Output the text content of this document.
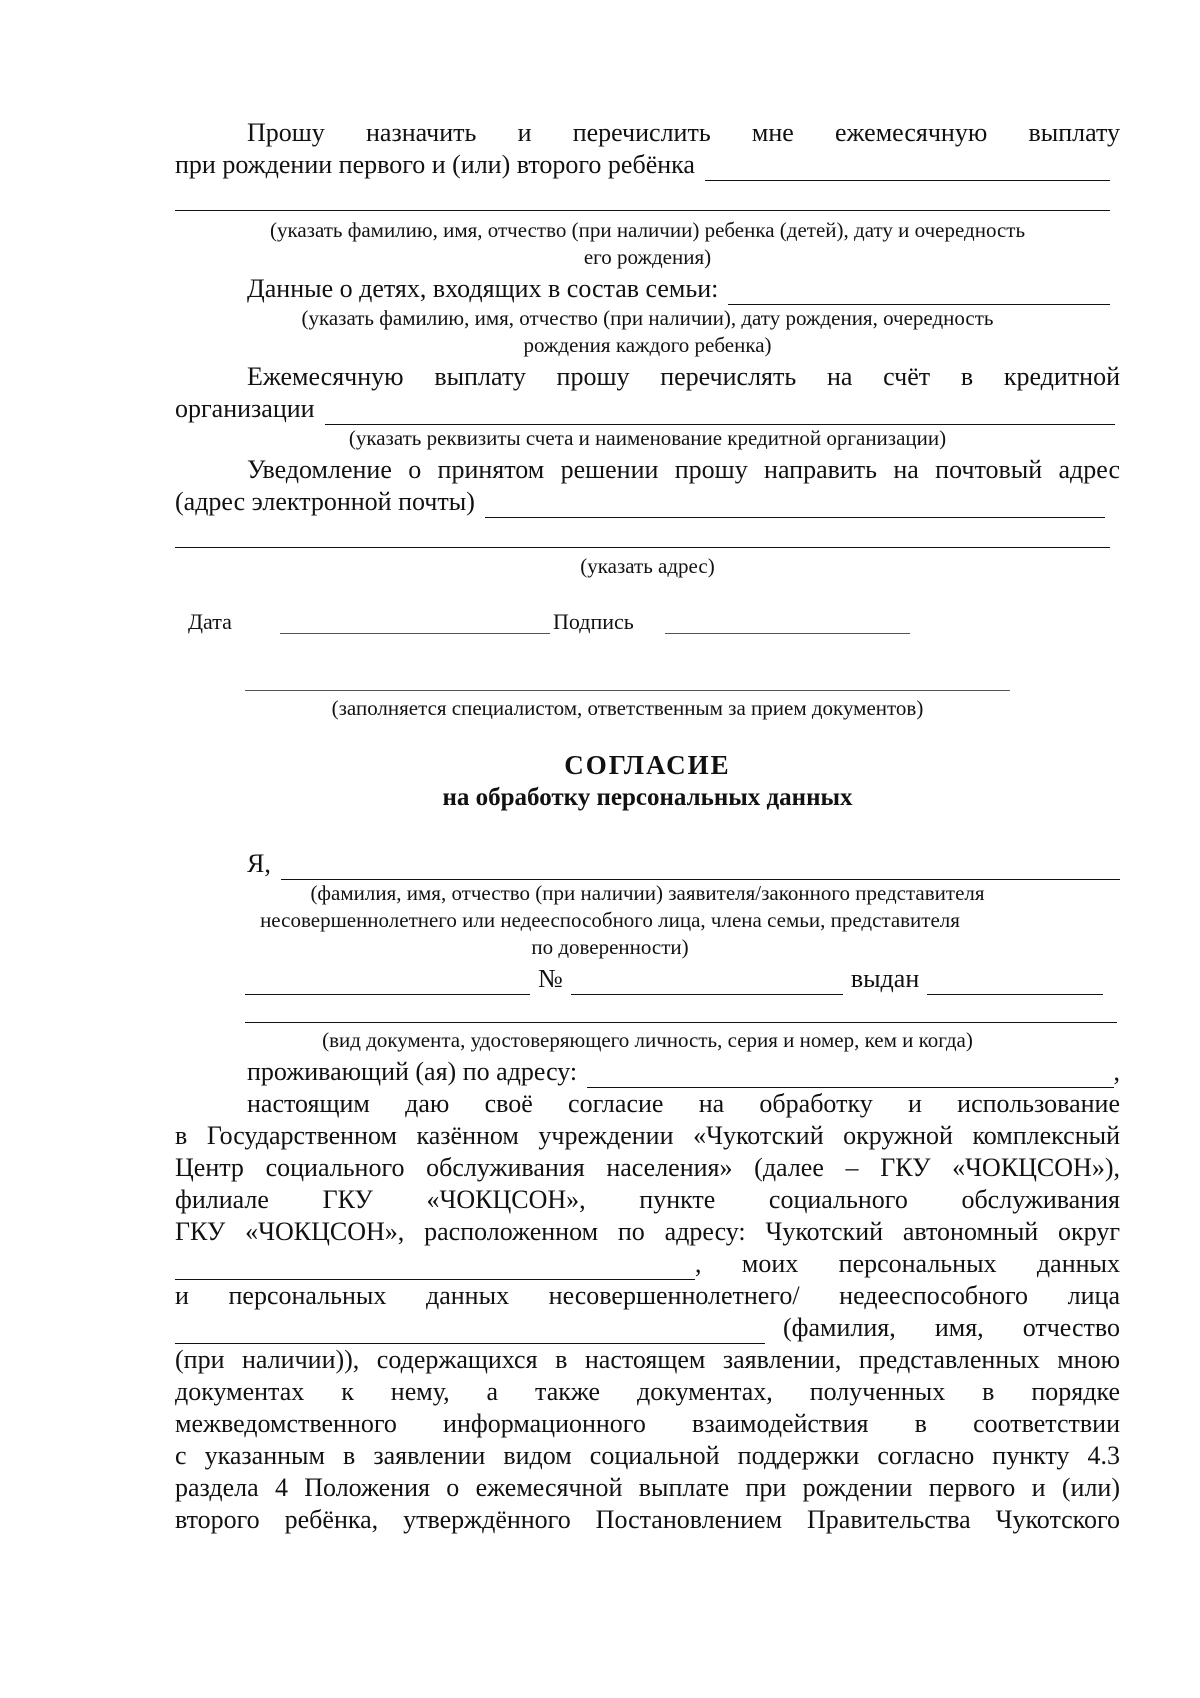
Прошу назначить и перечислить мне ежемесячную выплату
при рождении первого и (или) второго ребёнка
(указать фамилию, имя, отчество (при наличии) ребенка (детей), дату и очередность
его рождения)
Данные о детях, входящих в состав семьи:
(указать фамилию, имя, отчество (при наличии), дату рождения, очередность
рождения каждого ребенка)
Ежемесячную выплату прошу перечислять на счёт в кредитной
организации
(указать реквизиты счета и наименование кредитной организации)
Уведомление о принятом решении прошу направить на почтовый адрес
(адрес электронной почты)
(указать адрес)
Дата	Подпись
(заполняется специалистом, ответственным за прием документов)
СОГЛАСИЕ
на обработку персональных данных
Я,
(фамилия, имя, отчество (при наличии) заявителя/законного представителя
несовершеннолетнего или недееспособного лица, члена семьи, представителя
по доверенности)
№	выдан
(вид документа, удостоверяющего личность, серия и номер, кем и когда)
проживающий (ая) по адресу:	,
настоящим даю своё согласие на обработку и использование
в Государственном казённом учреждении «Чукотский окружной комплексный
Центр социального обслуживания населения» (далее – ГКУ «ЧОКЦСОН»),
филиале ГКУ «ЧОКЦСОН», пункте социального обслуживания
ГКУ «ЧОКЦСОН», расположенном по адресу: Чукотский автономный округ
, моих персональных данных
и персональных данных несовершеннолетнего/ недееспособного лица
(фамилия, имя, отчество
(при наличии)), содержащихся в настоящем заявлении, представленных мною
документах к нему, а также документах, полученных в порядке
межведомственного информационного взаимодействия в соответствии
с указанным в заявлении видом социальной поддержки согласно пункту 4.3
раздела 4 Положения о ежемесячной выплате при рождении первого и (или)
второго ребёнка, утверждённого Постановлением Правительства Чукотского
